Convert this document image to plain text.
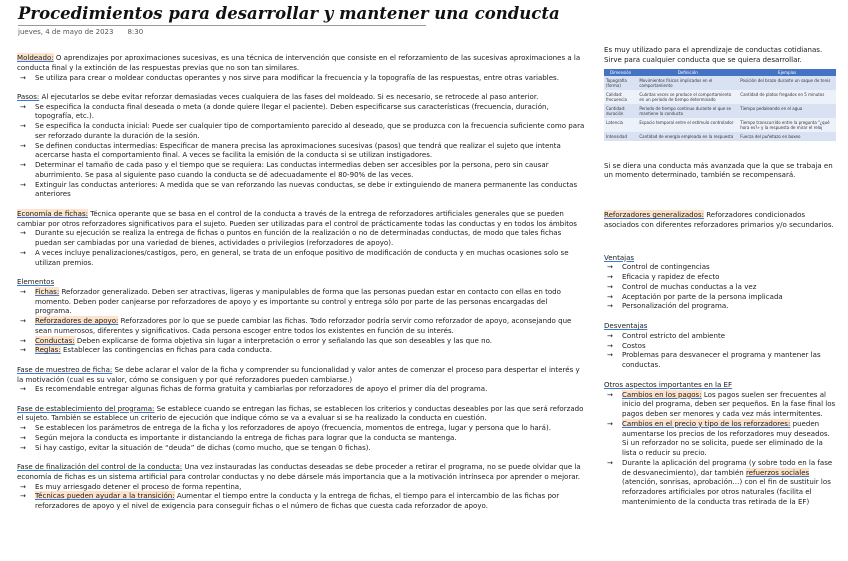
Procedimientos para desarrollar y mantener una conducta
jueves, 4 de mayo de 2023 8:30

Moldeado: O aprendizajes por aproximaciones sucesivas, es una técnica de intervención que consiste en el reforzamiento de las sucesivas aproximaciones a la conducta final y la extinción de las respuestas previas que no son tan similares.

→	Se utiliza para crear o moldear conductas operantes y nos sirve para modificar la frecuencia y la topografía de las respuestas, entre otras variables.

Pasos: Al ejecutarlos se debe evitar reforzar demasiadas veces cualquiera de las fases del moldeado. Si es necesario, se retrocede al paso anterior.

→	Se especifica la conducta final deseada o meta (a donde quiere llegar el paciente). Deben especificarse sus características (frecuencia, duración, topografía, etc.).
→	Se especifica la conducta inicial: Puede ser cualquier tipo de comportamiento parecido al deseado, que se produzca con la frecuencia suficiente como para ser reforzado durante la duración de la sesión.
→	Se definen conductas intermedias: Especificar de manera precisa las aproximaciones sucesivas (pasos) que tendrá que realizar el sujeto que intenta acercarse hasta el comportamiento final. A veces se facilita la emisión de la conducta si se utilizan instigadores.
→	Determinar el tamaño de cada paso y el tiempo que se requiera: Las conductas intermedias deben ser accesibles por la persona, pero sin causar aburrimiento. Se pasa al siguiente paso cuando la conducta se dé adecuadamente el 80-90% de las veces.
→	Extinguir las conductas anteriores: A medida que se van reforzando las nuevas conductas, se debe ir extinguiendo de manera permanente las conductas anteriores

Economía de fichas: Técnica operante que se basa en el control de la conducta a través de la entrega de reforzadores artificiales generales que se pueden cambiar por otros reforzadores significativos para el sujeto. Pueden ser utilizadas para el control de prácticamente todas las conductas y en todos los ámbitos

→	Durante su ejecución se realiza la entrega de fichas o puntos en función de la realización o no de determinadas conductas, de modo que tales fichas puedan ser cambiadas por una variedad de bienes, actividades o privilegios (reforzadores de apoyo).
→	A veces incluye penalizaciones/castigos, pero, en general, se trata de un enfoque positivo de modificación de conducta y en muchas ocasiones solo se utilizan premios.

Elementos

→	Fichas: Reforzador generalizado. Deben ser atractivas, ligeras y manipulables de forma que las personas puedan estar en contacto con ellas en todo momento. Deben poder canjearse por reforzadores de apoyo y es importante su control y entrega sólo por parte de las personas encargadas del programa.
→	Reforzadores de apoyo: Reforzadores por lo que se puede cambiar las fichas. Todo reforzador podría servir como reforzador de apoyo, aconsejando que sean numerosos, diferentes y significativos. Cada persona escoger entre todos los existentes en función de su interés.
→	Conductas: Deben explicarse de forma objetiva sin lugar a interpretación o error y señalando las que son deseables y las que no.
→	Reglas: Establecer las contingencias en fichas para cada conducta.

Fase de muestreo de ficha: Se debe aclarar el valor de la ficha y comprender su funcionalidad y valor antes de comenzar el proceso para despertar el interés y la motivación (cual es su valor, cómo se consiguen y por qué reforzadores pueden cambiarse.)

→	Es recomendable entregar algunas fichas de forma gratuita y cambiarlas por reforzadores de apoyo el primer día del programa.

Fase de establecimiento del programa: Se establece cuando se entregan las fichas, se establecen los criterios y conductas deseables por las que será reforzado el sujeto. También se establece un criterio de ejecución que indique cómo se va a evaluar si se ha realizado la conducta en cuestión.

→	Se establecen los parámetros de entrega de la ficha y los reforzadores de apoyo (frecuencia, momentos de entrega, lugar y persona que lo hará).
→	Según mejora la conducta es importante ir distanciando la entrega de fichas para lograr que la conducta se mantenga.
→	Si hay castigo, evitar la situación de “deuda” de dichas (como mucho, que se tengan 0 fichas).

Fase de finalización del control de la conducta: Una vez instauradas las conductas deseadas se debe proceder a retirar el programa, no se puede olvidar que la economía de fichas es un sistema artificial para controlar conductas y no debe dársele más importancia que a la motivación intrínseca por aprender o mejorar.

→	Es muy arriesgado detener el proceso de forma repentina,
→	Técnicas pueden ayudar a la transición: Aumentar el tiempo entre la conducta y la entrega de fichas, el tiempo para el intercambio de las fichas por reforzadores de apoyo y el nivel de exigencia para conseguir fichas o el número de fichas que cuesta cada reforzador de apoyo.

Es muy utilizado para el aprendizaje de conductas cotidianas. Sirve para cualquier conducta que se quiera desarrollar.

Dimensión	Definición	Ejemplos
Topografía (forma)	Movimientos físicos implicados en el comportamiento	Posición del brazo durante un saque de tenis
Calidad: frecuencia	Cuántas veces se produce el comportamiento en un periodo de tiempo determinado	Cantidad de platos fregados en 5 minutos
Cantidad: duración	Periodo de tiempo continuo durante el que se mantiene la conducta	Tiempo pedaleando en el agua
Latencia	Espacio temporal entre el estímulo controlador	Tiempo transcurrido entre la pregunta "¿qué hora es?» y la respuesta de mirar el reloj
Intensidad	Cantidad de energía empleada en la respuesta	Fuerza del puñetazo en boxeo

Si se diera una conducta más avanzada que la que se trabaja en un momento determinado, también se recompensará.

Reforzadores generalizados: Reforzadores condicionados asociados con diferentes reforzadores primarios y/o secundarios.

Ventajas

→	Control de contingencias
→	Eficacia y rapidez de efecto
→	Control de muchas conductas a la vez
→	Aceptación por parte de la persona implicada
→	Personalización del programa.

Desventajas

→	Control estricto del ambiente
→	Costos
→	Problemas para desvanecer el programa y mantener las conductas.

Otros aspectos importantes en la EF

→	Cambios en los pagos: Los pagos suelen ser frecuentes al inicio del programa, deben ser pequeños. En la fase final los pagos deben ser menores y cada vez más intermitentes.
→	Cambios en el precio y tipo de los reforzadores: pueden aumentarse los precios de los reforzadores muy deseados. Si un reforzador no se solicita, puede ser eliminado de la lista o reducir su precio.
→	Durante la aplicación del programa (y sobre todo en la fase de desvanecimiento), dar también refuerzos sociales (atención, sonrisas, aprobación…) con el fin de sustituir los reforzadores artificiales por otros naturales (facilita el mantenimiento de la conducta tras retirada de la EF)
